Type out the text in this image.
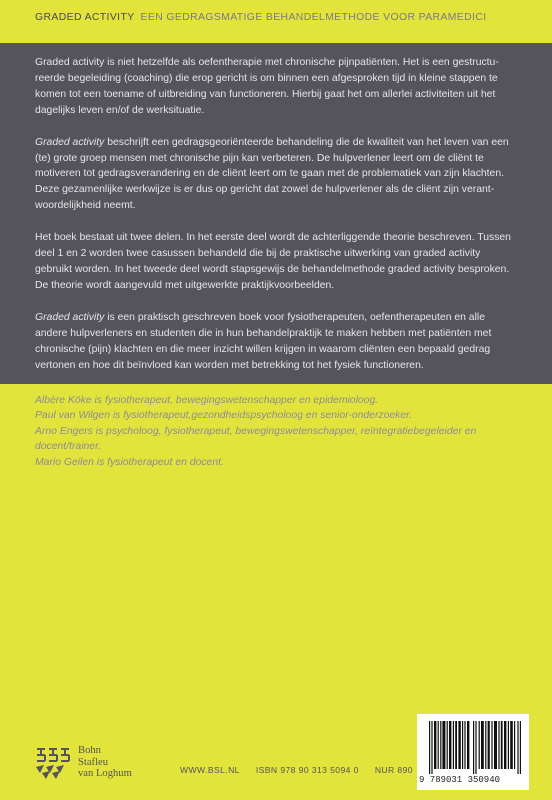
GRADED ACTIVITY EEN GEDRAGSMATIGE BEHANDELMETHODE VOOR PARAMEDICI

Graded activity is niet hetzelfde als oefentherapie met chronische pijnpatiënten. Het is een gestructureerde begeleiding (coaching) die erop gericht is om binnen een afgesproken tijd in kleine stappen te komen tot een toename of uitbreiding van functioneren. Hierbij gaat het om allerlei activiteiten uit het dagelijks leven en/of de werksituatie.

Graded activity beschrijft een gedragsgeoriënteerde behandeling die de kwaliteit van het leven van een (te) grote groep mensen met chronische pijn kan verbeteren. De hulpverlener leert om de cliënt te motiveren tot gedragsverandering en de cliënt leert om te gaan met de problematiek van zijn klachten. Deze gezamenlijke werkwijze is er dus op gericht dat zowel de hulpverlener als de cliënt zijn verantwoordelijkheid neemt.

Het boek bestaat uit twee delen. In het eerste deel wordt de achterliggende theorie beschreven. Tussen deel 1 en 2 worden twee casussen behandeld die bij de praktische uitwerking van graded activity gebruikt worden. In het tweede deel wordt stapsgewijs de behandelmethode graded activity besproken. De theorie wordt aangevuld met uitgewerkte praktijkvoorbeelden.

Graded activity is een praktisch geschreven boek voor fysiotherapeuten, oefentherapeuten en alle andere hulpverleners en studenten die in hun behandelpraktijk te maken hebben met patiënten met chronische (pijn) klachten en die meer inzicht willen krijgen in waarom cliënten een bepaald gedrag vertonen en hoe dit beïnvloed kan worden met betrekking tot het fysiek functioneren.

Albère Köke is fysiotherapeut, bewegingswetenschapper en epidemioloog.
Paul van Wilgen is fysiotherapeut,gezondheidspsycholoog en senior-onderzoeker.
Arno Engers is psycholoog, fysiotherapeut, bewegingswetenschapper, reïntegratiebegeleider en docent/trainer.
Mario Geilen is fysiotherapeut en docent.
Bohn
Stafleu
van Loghum	WWW.BSL.NL ISBN 978 90 313 5094 0 NUR 890
9 789031 350940
